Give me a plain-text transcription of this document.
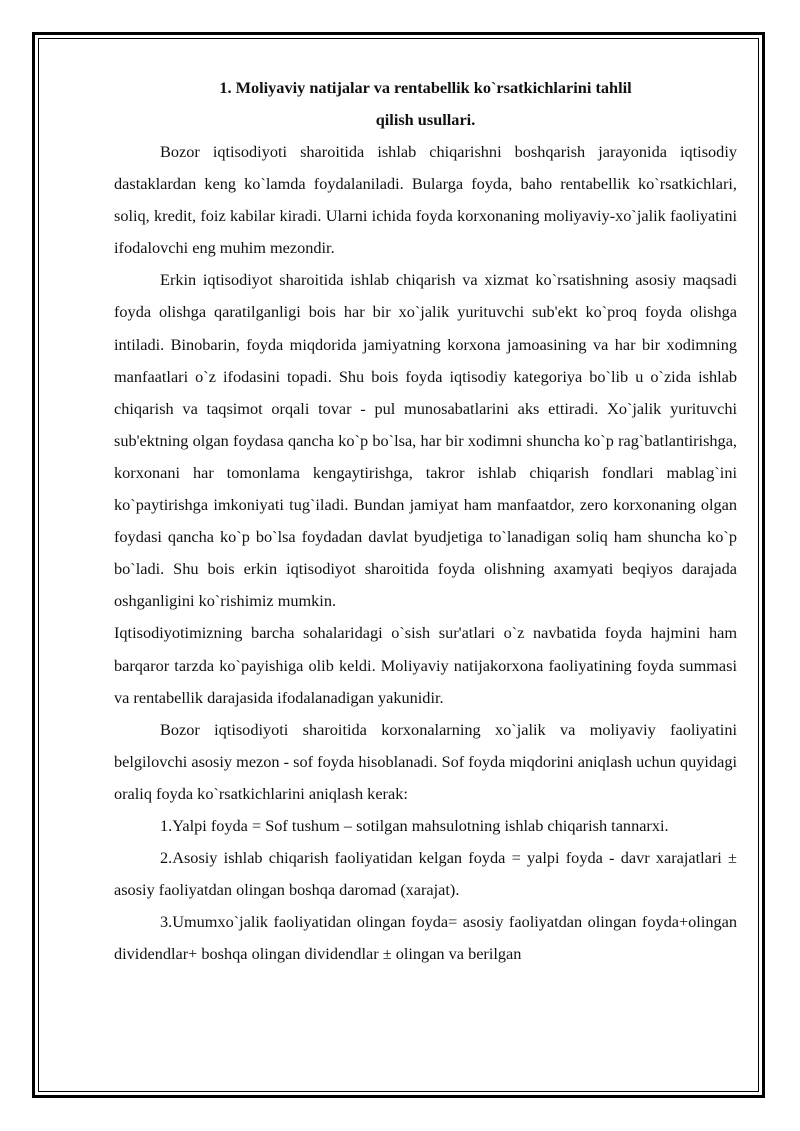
1. Moliyaviy natijalar va rentabellik ko`rsatkichlarini tahlil

qilish usullari.

Bozor iqtisodiyoti sharoitida ishlab chiqarishni boshqarish jarayonida iqtisodiy dastaklardan keng ko`lamda foydalaniladi. Bularga foyda, baho rentabellik ko`rsatkichlari, soliq, kredit, foiz kabilar kiradi. Ularni ichida foyda korxonaning moliyaviy-xo`jalik faoliyatini ifodalovchi eng muhim mezondir.

Erkin iqtisodiyot sharoitida ishlab chiqarish va xizmat ko`rsatishning asosiy maqsadi foyda olishga qaratilganligi bois har bir xo`jalik yurituvchi sub'ekt ko`proq foyda olishga intiladi. Binobarin, foyda miqdorida jamiyatning korxona jamoasining va har bir xodimning manfaatlari o`z ifodasini topadi. Shu bois foyda iqtisodiy kategoriya bo`lib u o`zida ishlab chiqarish va taqsimot orqali tovar - pul munosabatlarini aks ettiradi. Xo`jalik yurituvchi sub'ektning olgan foydasa qancha ko`p bo`lsa, har bir xodimni shuncha ko`p rag`batlantirishga, korxonani har tomonlama kengaytirishga, takror ishlab chiqarish fondlari mablag`ini ko`paytirishga imkoniyati tug`iladi. Bundan jamiyat ham manfaatdor, zero korxonaning olgan foydasi qancha ko`p bo`lsa foydadan davlat byudjetiga to`lanadigan soliq ham shuncha ko`p bo`ladi. Shu bois erkin iqtisodiyot sharoitida foyda olishning axamyati beqiyos darajada oshganligini ko`rishimiz mumkin.

Iqtisodiyotimizning barcha sohalaridagi o`sish sur'atlari o`z navbatida foyda hajmini ham barqaror tarzda ko`payishiga olib keldi. Moliyaviy natijakorxona faoliyatining foyda summasi va rentabellik darajasida ifodalanadigan yakunidir.

Bozor iqtisodiyoti sharoitida korxonalarning xo`jalik va moliyaviy faoliyatini belgilovchi asosiy mezon - sof foyda hisoblanadi. Sof foyda miqdorini aniqlash uchun quyidagi oraliq foyda ko`rsatkichlarini aniqlash kerak:

1.Yalpi foyda = Sof tushum – sotilgan mahsulotning ishlab chiqarish tannarxi.

2.Asosiy ishlab chiqarish faoliyatidan kelgan foyda = yalpi foyda - davr xarajatlari ± asosiy faoliyatdan olingan boshqa daromad (xarajat).

3.Umumxo`jalik faoliyatidan olingan foyda= asosiy faoliyatdan olingan foyda+olingan dividendlar+ boshqa olingan dividendlar ± olingan va berilgan
